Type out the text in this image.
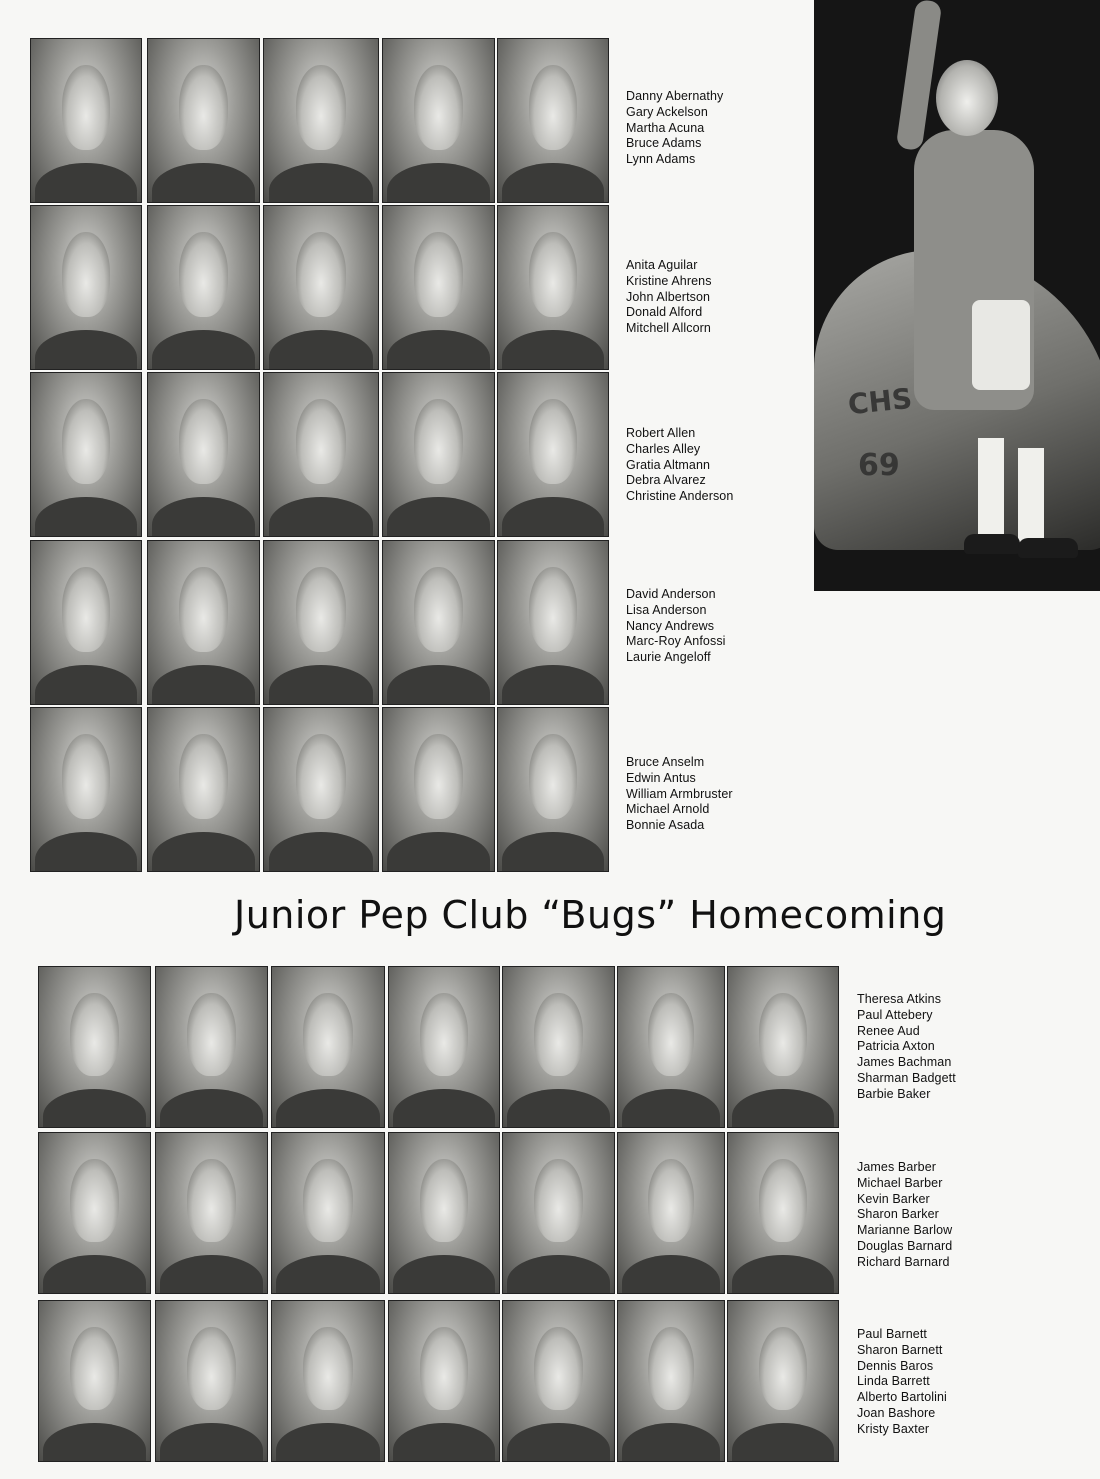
Danny Abernathy
Gary Ackelson
Martha Acuna
Bruce Adams
Lynn Adams
Anita Aguilar
Kristine Ahrens
John Albertson
Donald Alford
Mitchell Allcorn
Robert Allen
Charles Alley
Gratia Altmann
Debra Alvarez
Christine Anderson
David Anderson
Lisa Anderson
Nancy Andrews
Marc-Roy Anfossi
Laurie Angeloff
Bruce Anselm
Edwin Antus
William Armbruster
Michael Arnold
Bonnie Asada
CHS
69
Junior Pep Club “Bugs” Homecoming
Theresa Atkins
Paul Attebery
Renee Aud
Patricia Axton
James Bachman
Sharman Badgett
Barbie Baker
James Barber
Michael Barber
Kevin Barker
Sharon Barker
Marianne Barlow
Douglas Barnard
Richard Barnard
Paul Barnett
Sharon Barnett
Dennis Baros
Linda Barrett
Alberto Bartolini
Joan Bashore
Kristy Baxter
